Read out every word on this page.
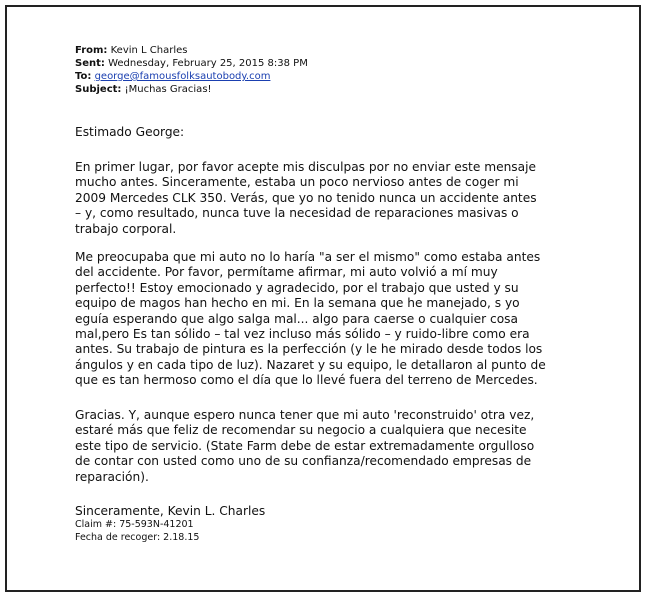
From: Kevin L Charles
Sent: Wednesday, February 25, 2015 8:38 PM
To: george@famousfolksautobody.com
Subject: ¡Muchas Gracias!

Estimado George:

En primer lugar, por favor acepte mis disculpas por no enviar este mensaje
mucho antes. Sinceramente, estaba un poco nervioso antes de coger mi
2009 Mercedes CLK 350. Verás, que yo no tenido nunca un accidente antes
– y, como resultado, nunca tuve la necesidad de reparaciones masivas o
trabajo corporal.

Me preocupaba que mi auto no lo haría "a ser el mismo" como estaba antes
del accidente. Por favor, permítame afirmar, mi auto volvió a mí muy
perfecto!! Estoy emocionado y agradecido, por el trabajo que usted y su
equipo de magos han hecho en mi. En la semana que he manejado, s yo
eguía esperando que algo salga mal... algo para caerse o cualquier cosa
mal,pero Es tan sólido – tal vez incluso más sólido – y ruido-libre como era
antes. Su trabajo de pintura es la perfección (y le he mirado desde todos los
ángulos y en cada tipo de luz). Nazaret y su equipo, le detallaron al punto de
que es tan hermoso como el día que lo llevé fuera del terreno de Mercedes.

Gracias. Y, aunque espero nunca tener que mi auto 'reconstruido' otra vez,
estaré más que feliz de recomendar su negocio a cualquiera que necesite
este tipo de servicio. (State Farm debe de estar extremadamente orgulloso
de contar con usted como uno de su confianza/recomendado empresas de
reparación).

Sinceramente, Kevin L. Charles

Claim #: 75-593N-41201
Fecha de recoger: 2.18.15
